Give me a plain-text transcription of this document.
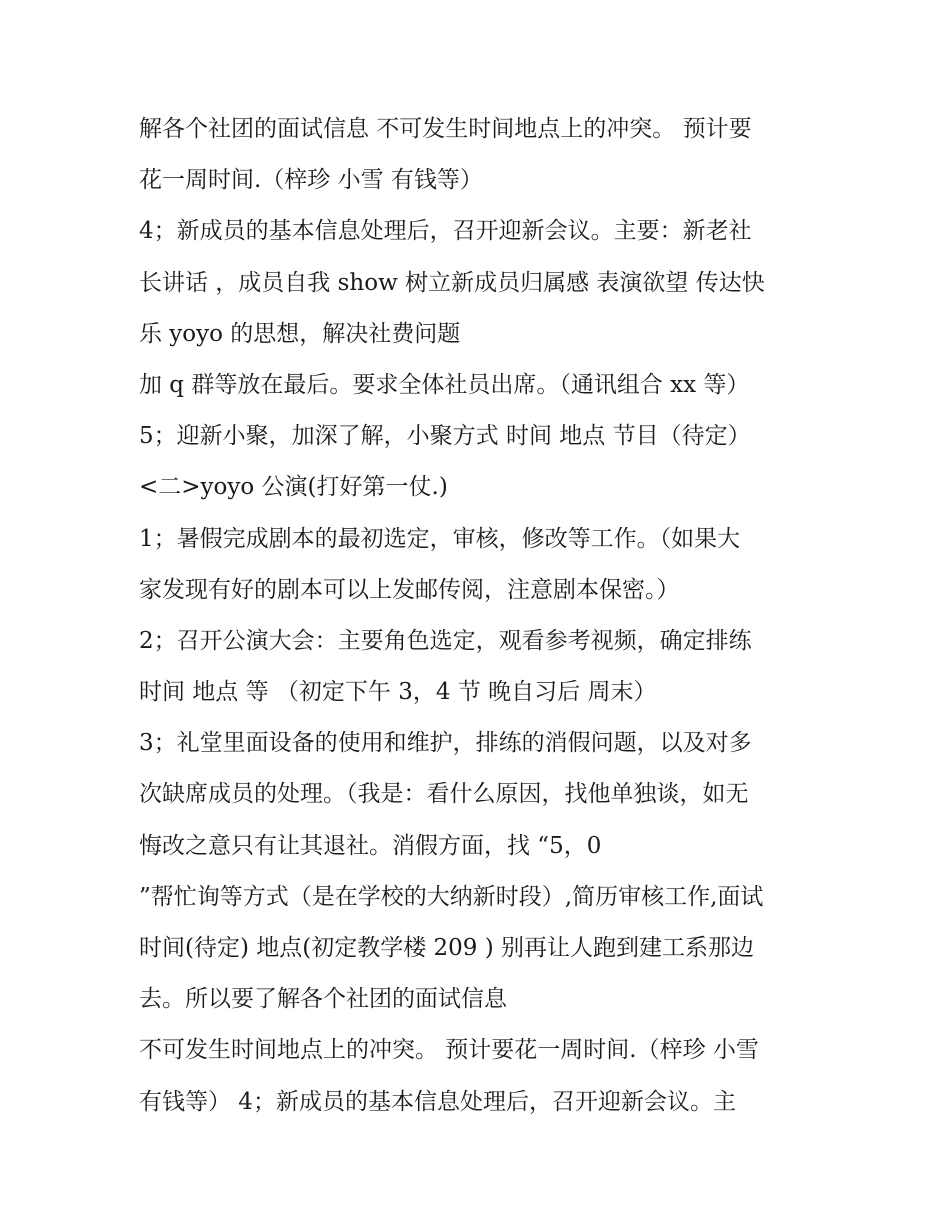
解各个社团的面试信息 不可发生时间地点上的冲突。 预计要
花一周时间.（梓珍 小雪 有钱等）
4；新成员的基本信息处理后，召开迎新会议。主要：新老社
长讲话 ，成员自我 show 树立新成员归属感 表演欲望 传达快
乐 yoyo 的思想，解决社费问题
加 q 群等放在最后。要求全体社员出席。（通讯组合 xx 等）
5；迎新小聚，加深了解，小聚方式 时间 地点 节目（待定）
<二>yoyo 公演(打好第一仗.)
1；暑假完成剧本的最初选定，审核，修改等工作。（如果大
家发现有好的剧本可以上发邮传阅，注意剧本保密。）
2；召开公演大会：主要角色选定，观看参考视频，确定排练
时间 地点 等 （初定下午 3，4 节 晚自习后 周末）
3；礼堂里面设备的使用和维护，排练的消假问题，以及对多
次缺席成员的处理。（我是：看什么原因，找他单独谈，如无
悔改之意只有让其退社。消假方面，找 “5，0
”帮忙询等方式（是在学校的大纳新时段）,简历审核工作,面试
时间(待定) 地点(初定教学楼 209 ) 别再让人跑到建工系那边
去。所以要了解各个社团的面试信息
不可发生时间地点上的冲突。 预计要花一周时间.（梓珍 小雪
有钱等） 4；新成员的基本信息处理后，召开迎新会议。主
